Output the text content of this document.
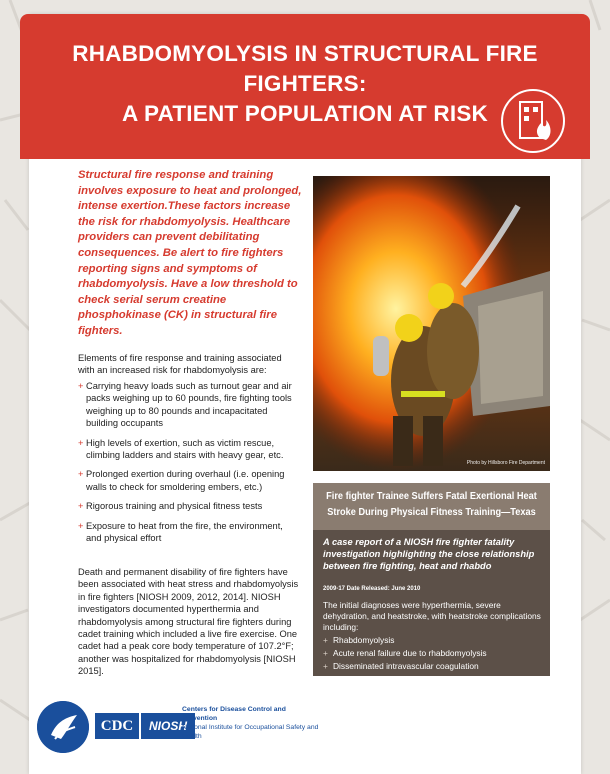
RHABDOMYOLYSIS IN STRUCTURAL FIRE FIGHTERS:
A PATIENT POPULATION AT RISK
Structural fire response and training involves exposure to heat and prolonged, intense exertion.These factors increase the risk for rhabdomyolysis. Healthcare providers can prevent debilitating consequences. Be alert to fire fighters reporting signs and symptoms of rhabdomyolysis. Have a low threshold to check serial serum creatine phosphokinase (CK) in structural fire fighters.
Elements of fire response and training associated with an increased risk for rhabdomyolysis are:
+ Carrying heavy loads such as turnout gear and air packs weighing up to 60 pounds, fire fighting tools weighing up to 80 pounds and incapacitated building occupants
+ High levels of exertion, such as victim rescue, climbing ladders and stairs with heavy gear, etc.
+ Prolonged exertion during overhaul (i.e. opening walls to check for smoldering embers, etc.)
+ Rigorous training and physical fitness tests
+ Exposure to heat from the fire, the environment, and physical effort
Death and permanent disability of fire fighters have been associated with heat stress and rhabdomyolysis in fire fighters [NIOSH 2009, 2012, 2014]. NIOSH investigators documented hyperthermia and rhabdomyolysis among structural fire fighters during cadet training which included a live fire exercise. One cadet had a peak core body temperature of 107.2°F; another was hospitalized for rhabdomyolysis [NIOSH 2015].
Photo by Hillsboro Fire Department
Fire fighter Trainee Suffers Fatal Exertional Heat Stroke During Physical Fitness Training—Texas
A case report of a NIOSH fire fighter fatality investigation highlighting the close relationship between fire fighting, heat and rhabdo
2009-17 Date Released: June 2010
The initial diagnoses were hyperthermia, severe dehydration, and heatstroke, with heatstroke complications including:
+ Rhabdomyolysis
+ Acute renal failure due to rhabdomyolysis
+ Disseminated intravascular coagulation
CDC	NIOSH
Centers for Disease Control and Prevention
National Institute for Occupational Safety and Health
